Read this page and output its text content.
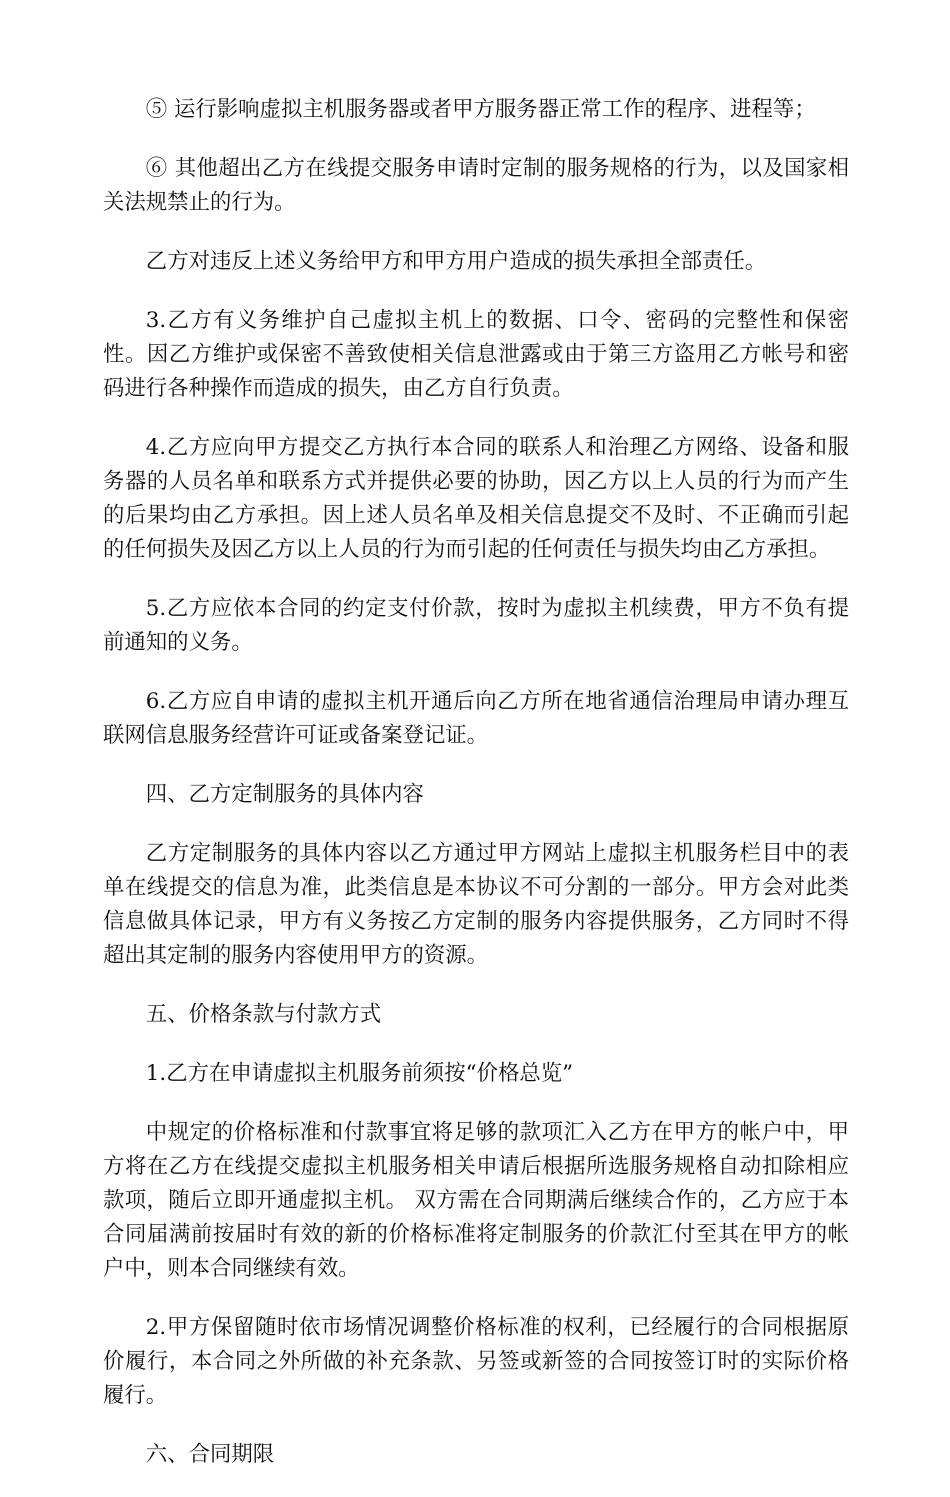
⑤ 运行影响虚拟主机服务器或者甲方服务器正常工作的程序、进程等；

⑥ 其他超出乙方在线提交服务申请时定制的服务规格的行为，以及国家相关法规禁止的行为。

乙方对违反上述义务给甲方和甲方用户造成的损失承担全部责任。

3.乙方有义务维护自己虚拟主机上的数据、口令、密码的完整性和保密性。因乙方维护或保密不善致使相关信息泄露或由于第三方盗用乙方帐号和密码进行各种操作而造成的损失，由乙方自行负责。

4.乙方应向甲方提交乙方执行本合同的联系人和治理乙方网络、设备和服务器的人员名单和联系方式并提供必要的协助，因乙方以上人员的行为而产生的后果均由乙方承担。因上述人员名单及相关信息提交不及时、不正确而引起的任何损失及因乙方以上人员的行为而引起的任何责任与损失均由乙方承担。

5.乙方应依本合同的约定支付价款，按时为虚拟主机续费，甲方不负有提前通知的义务。

6.乙方应自申请的虚拟主机开通后向乙方所在地省通信治理局申请办理互联网信息服务经营许可证或备案登记证。

四、乙方定制服务的具体内容

乙方定制服务的具体内容以乙方通过甲方网站上虚拟主机服务栏目中的表单在线提交的信息为准，此类信息是本协议不可分割的一部分。甲方会对此类信息做具体记录，甲方有义务按乙方定制的服务内容提供服务，乙方同时不得超出其定制的服务内容使用甲方的资源。

五、价格条款与付款方式

1.乙方在申请虚拟主机服务前须按“价格总览”

中规定的价格标准和付款事宜将足够的款项汇入乙方在甲方的帐户中，甲方将在乙方在线提交虚拟主机服务相关申请后根据所选服务规格自动扣除相应款项，随后立即开通虚拟主机。 双方需在合同期满后继续合作的，乙方应于本合同届满前按届时有效的新的价格标准将定制服务的价款汇付至其在甲方的帐户中，则本合同继续有效。

2.甲方保留随时依市场情况调整价格标准的权利，已经履行的合同根据原价履行，本合同之外所做的补充条款、另签或新签的合同按签订时的实际价格履行。

六、合同期限
